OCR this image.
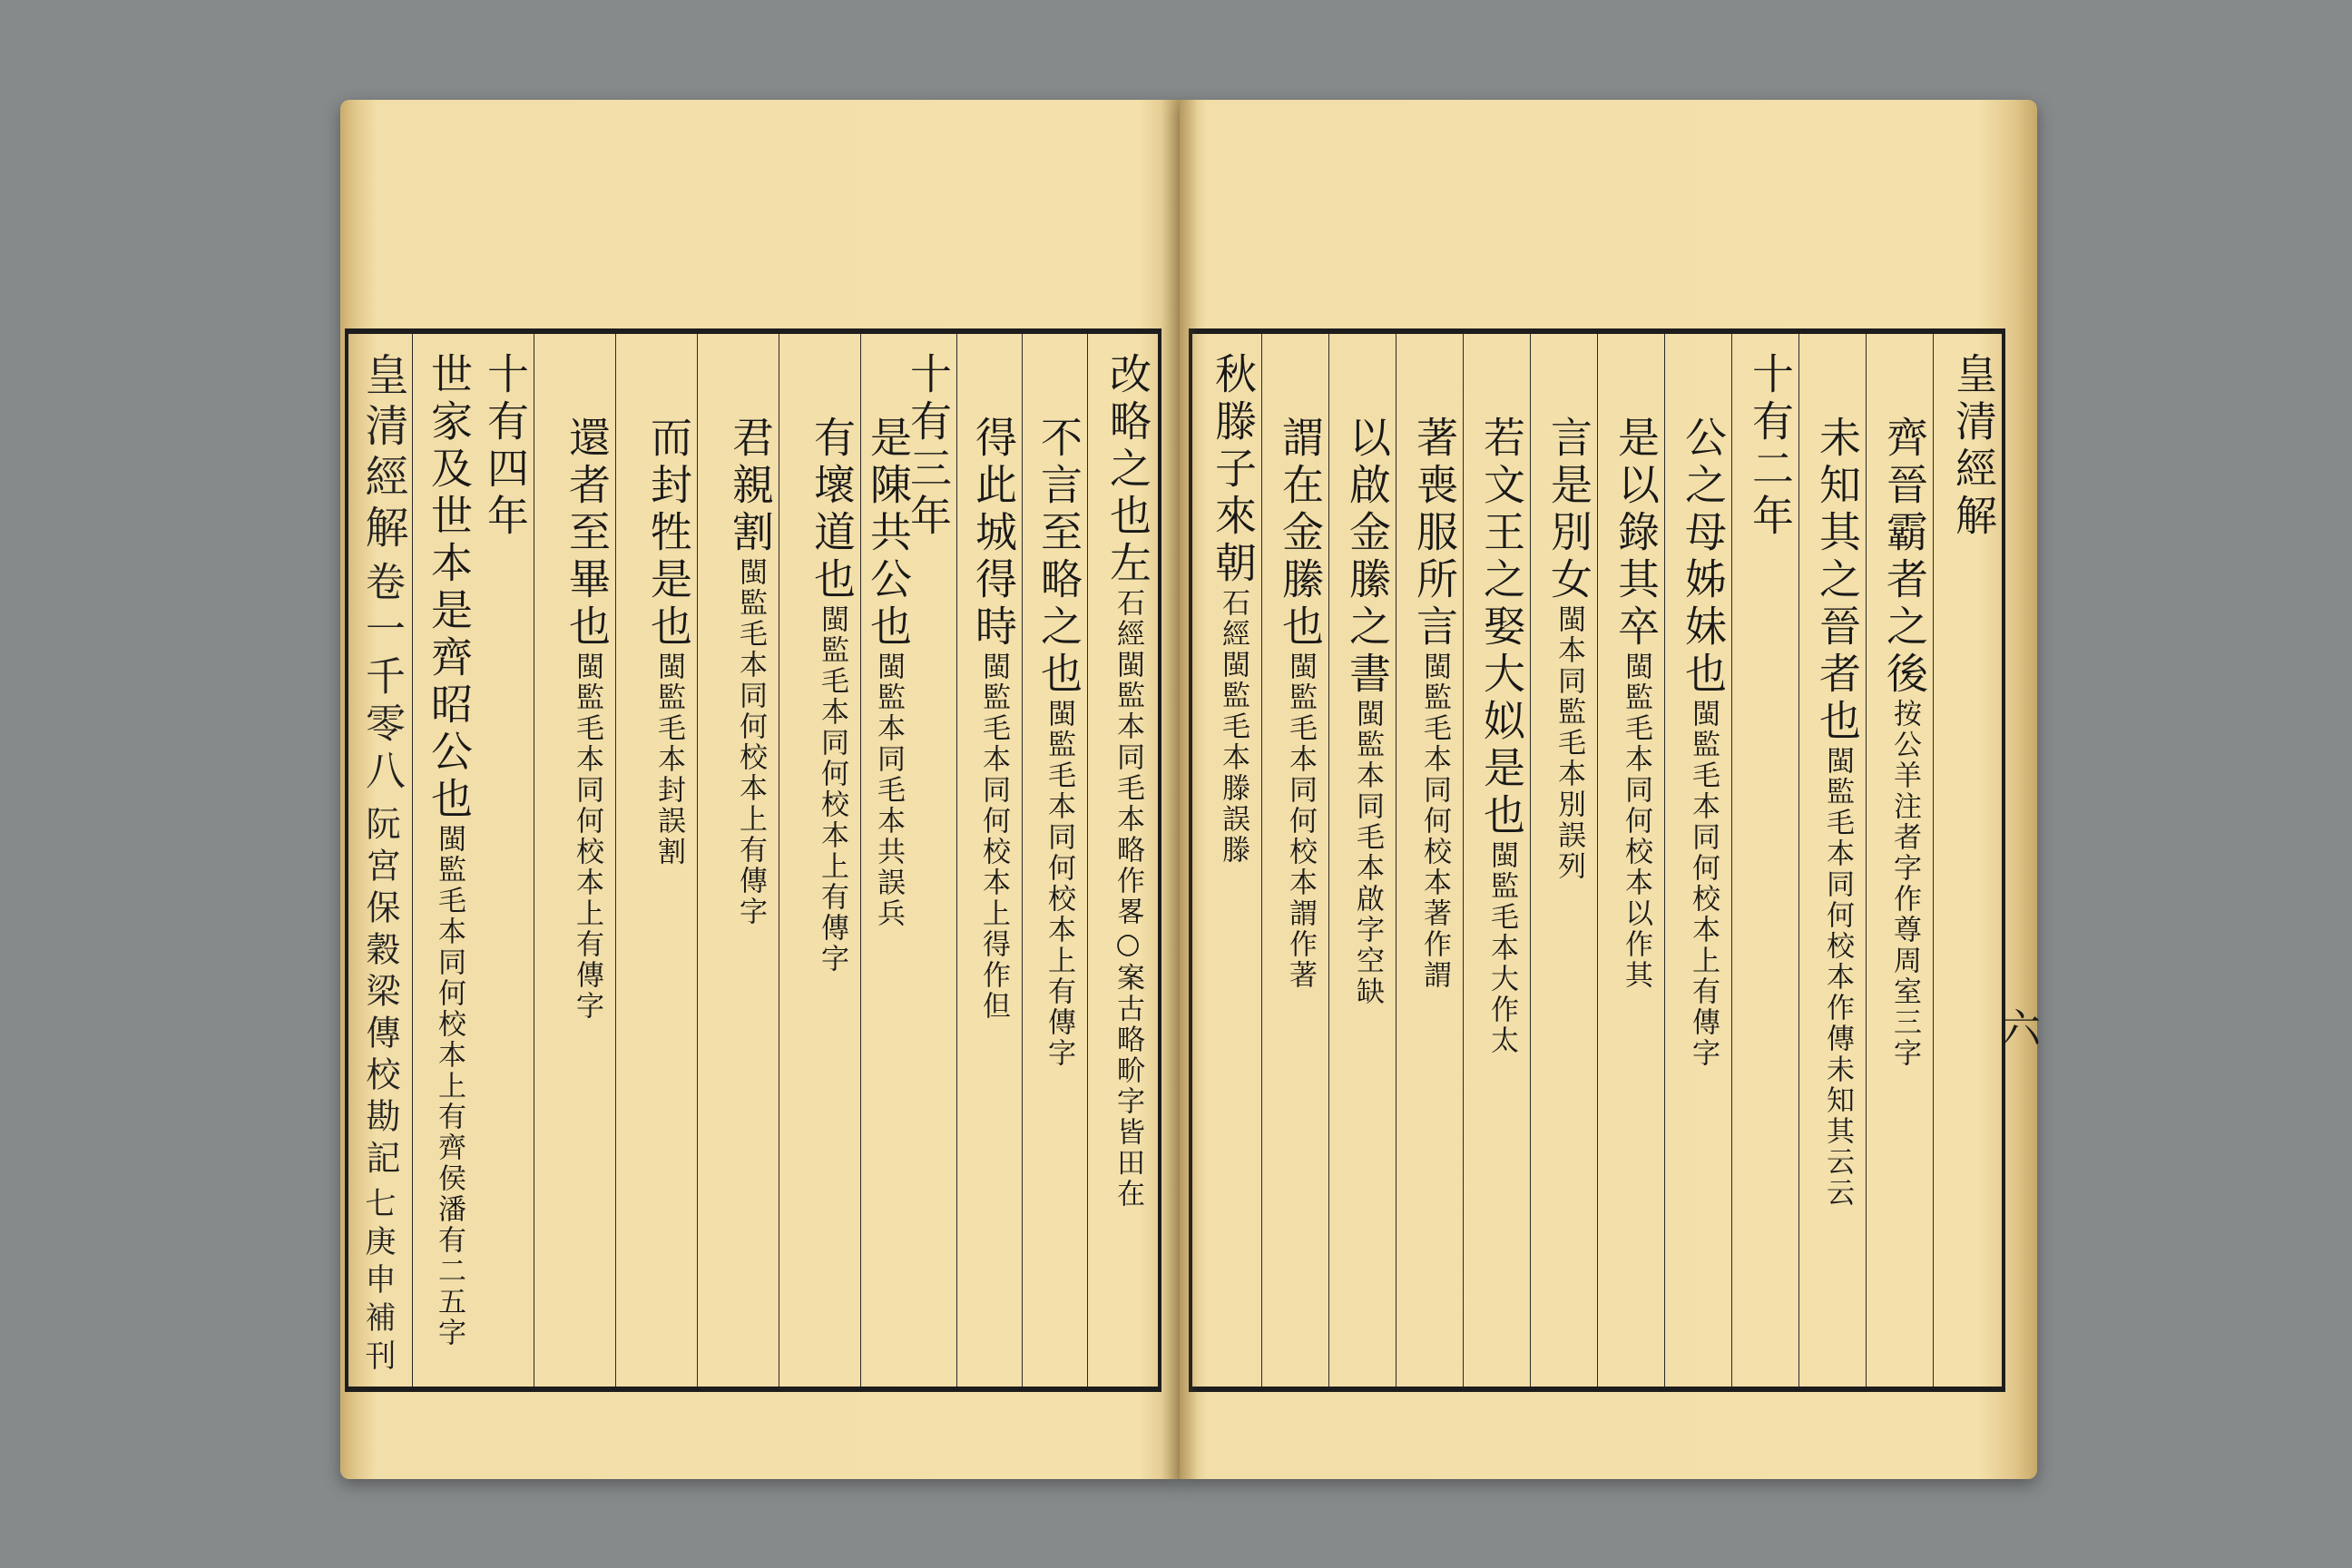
皇清經解
卷一千零八
阮宮保穀梁傳校勘記
七庚申補刊
世家及世本是齊昭公也閩監毛本同何校本上有齊侯潘有二五字
十有四年 還者至畢也閩監毛本同何校本上有傳字
而封牲是也閩監毛本封誤割
君親割閩監毛本同何校本上有傳字
有壞道也閩監毛本同何校本上有傳字
是陳共公也閩監本同毛本共誤兵
十有三年 得此城得時閩監毛本同何校本上得作但
不言至略之也閩監毛本同何校本上有傳字
改略之也左石經閩監本同毛本略作畧○案古略畍字皆田在
秋滕子來朝石經閩監毛本滕誤滕
謂在金縢也閩監毛本同何校本謂作著
以啟金縢之書閩監本同毛本啟字空缺
著喪服所言閩監毛本同何校本著作謂 若文王之娶大姒是也閩監毛本大作太
言是別女閩本同監毛本別誤列
是以錄其卒閩監毛本同何校本以作其
公之母姊妹也閩監毛本同何校本上有傳字
十有二年 未知其之晉者也閩監毛本同何校本作傳未知其云云
齊晉霸者之後按公羊注者字作尊周室三字
皇清經解
六
